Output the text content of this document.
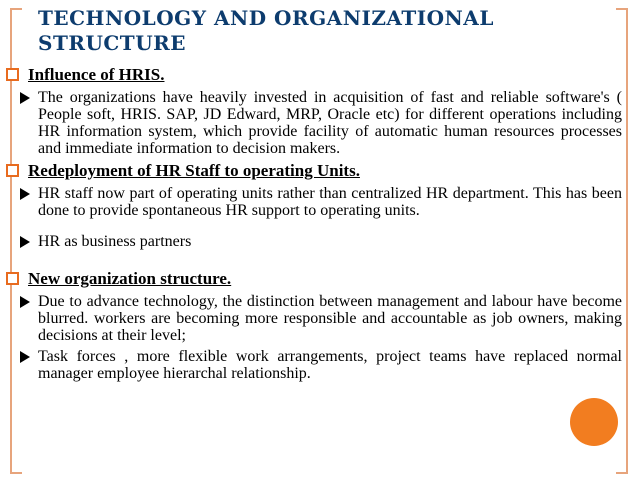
TECHNOLOGY AND ORGANIZATIONAL STRUCTURE
Influence of HRIS.
The organizations have heavily invested in acquisition of fast and reliable software's ( People soft, HRIS. SAP, JD Edward, MRP, Oracle etc) for different operations including HR information system, which provide facility of automatic human resources processes and immediate information to decision makers.
Redeployment of HR Staff to operating Units.
HR staff now part of operating units rather than centralized HR department. This has been done to provide spontaneous HR support to operating units.
HR as business partners
New organization structure.
Due to advance technology, the distinction between management and labour have become blurred. workers are becoming more responsible and accountable as job owners, making decisions at their level;
Task forces , more flexible work arrangements, project teams have replaced normal manager employee hierarchal relationship.
